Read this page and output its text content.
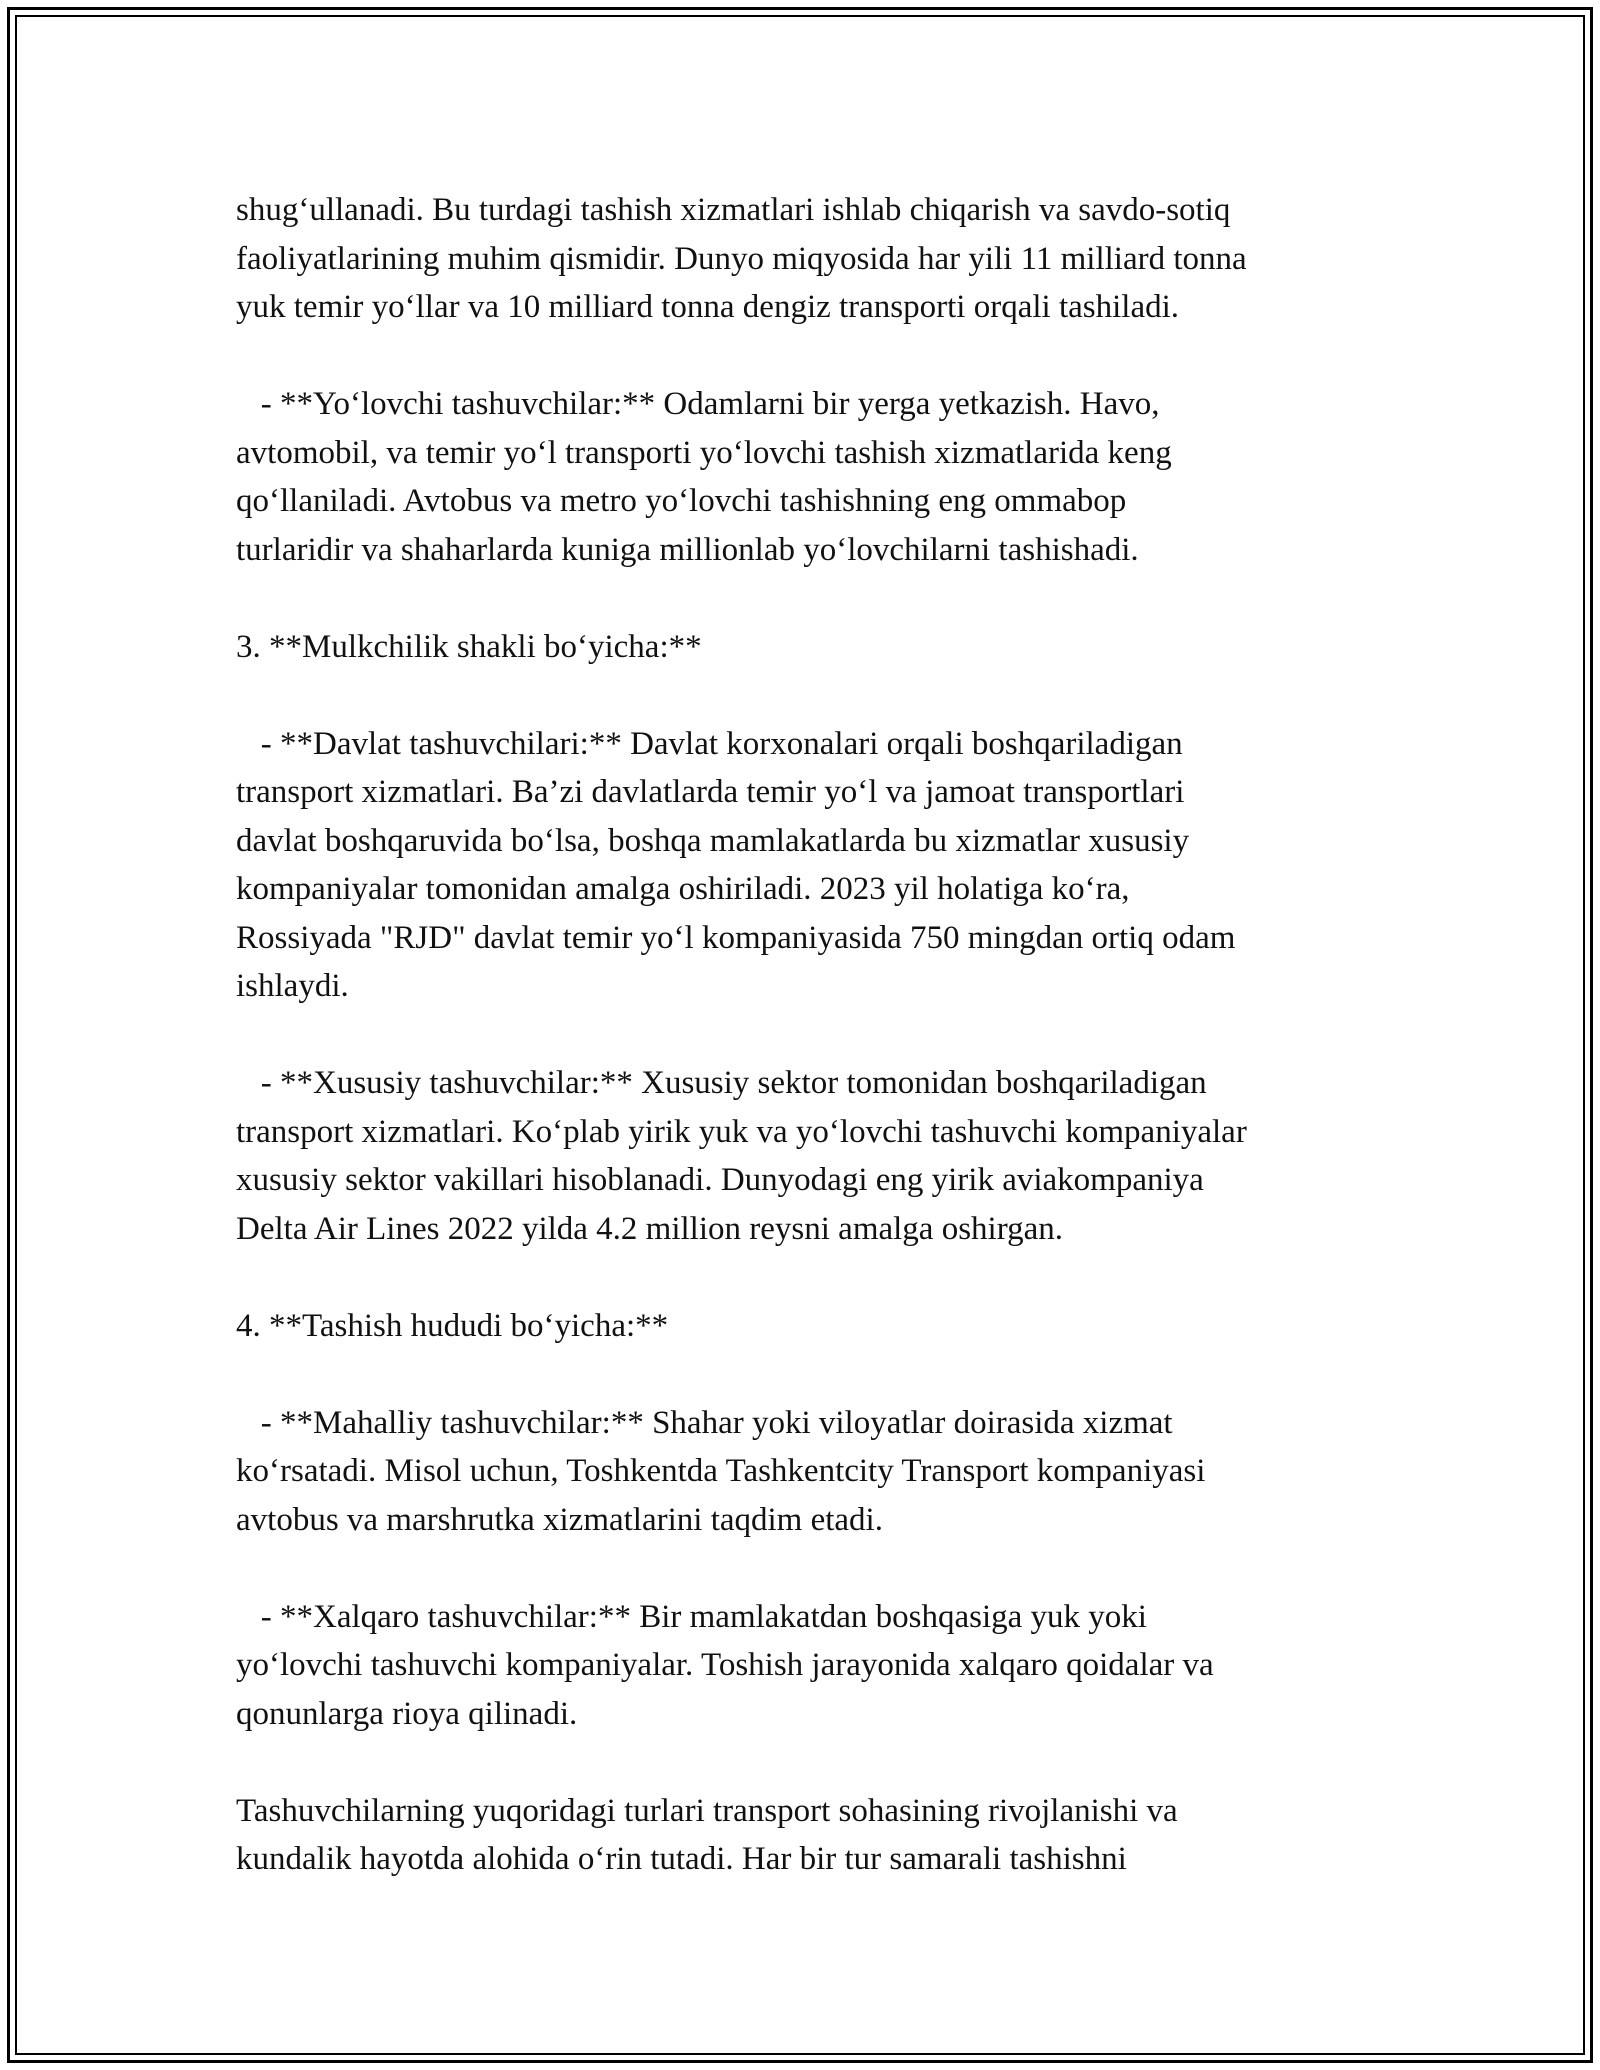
shug‘ullanadi. Bu turdagi tashish xizmatlari ishlab chiqarish va savdo-sotiq
faoliyatlarining muhim qismidir. Dunyo miqyosida har yili 11 milliard tonna
yuk temir yo‘llar va 10 milliard tonna dengiz transporti orqali tashiladi.
- **Yo‘lovchi tashuvchilar:** Odamlarni bir yerga yetkazish. Havo,
avtomobil, va temir yo‘l transporti yo‘lovchi tashish xizmatlarida keng
qo‘llaniladi. Avtobus va metro yo‘lovchi tashishning eng ommabop
turlaridir va shaharlarda kuniga millionlab yo‘lovchilarni tashishadi.
3. **Mulkchilik shakli bo‘yicha:**
- **Davlat tashuvchilari:** Davlat korxonalari orqali boshqariladigan
transport xizmatlari. Ba’zi davlatlarda temir yo‘l va jamoat transportlari
davlat boshqaruvida bo‘lsa, boshqa mamlakatlarda bu xizmatlar xususiy
kompaniyalar tomonidan amalga oshiriladi. 2023 yil holatiga ko‘ra,
Rossiyada "RJD" davlat temir yo‘l kompaniyasida 750 mingdan ortiq odam
ishlaydi.
- **Xususiy tashuvchilar:** Xususiy sektor tomonidan boshqariladigan
transport xizmatlari. Ko‘plab yirik yuk va yo‘lovchi tashuvchi kompaniyalar
xususiy sektor vakillari hisoblanadi. Dunyodagi eng yirik aviakompaniya
Delta Air Lines 2022 yilda 4.2 million reysni amalga oshirgan.
4. **Tashish hududi bo‘yicha:**
- **Mahalliy tashuvchilar:** Shahar yoki viloyatlar doirasida xizmat
ko‘rsatadi. Misol uchun, Toshkentda Tashkentcity Transport kompaniyasi
avtobus va marshrutka xizmatlarini taqdim etadi.
- **Xalqaro tashuvchilar:** Bir mamlakatdan boshqasiga yuk yoki
yo‘lovchi tashuvchi kompaniyalar. Toshish jarayonida xalqaro qoidalar va
qonunlarga rioya qilinadi.
Tashuvchilarning yuqoridagi turlari transport sohasining rivojlanishi va
kundalik hayotda alohida o‘rin tutadi. Har bir tur samarali tashishni
